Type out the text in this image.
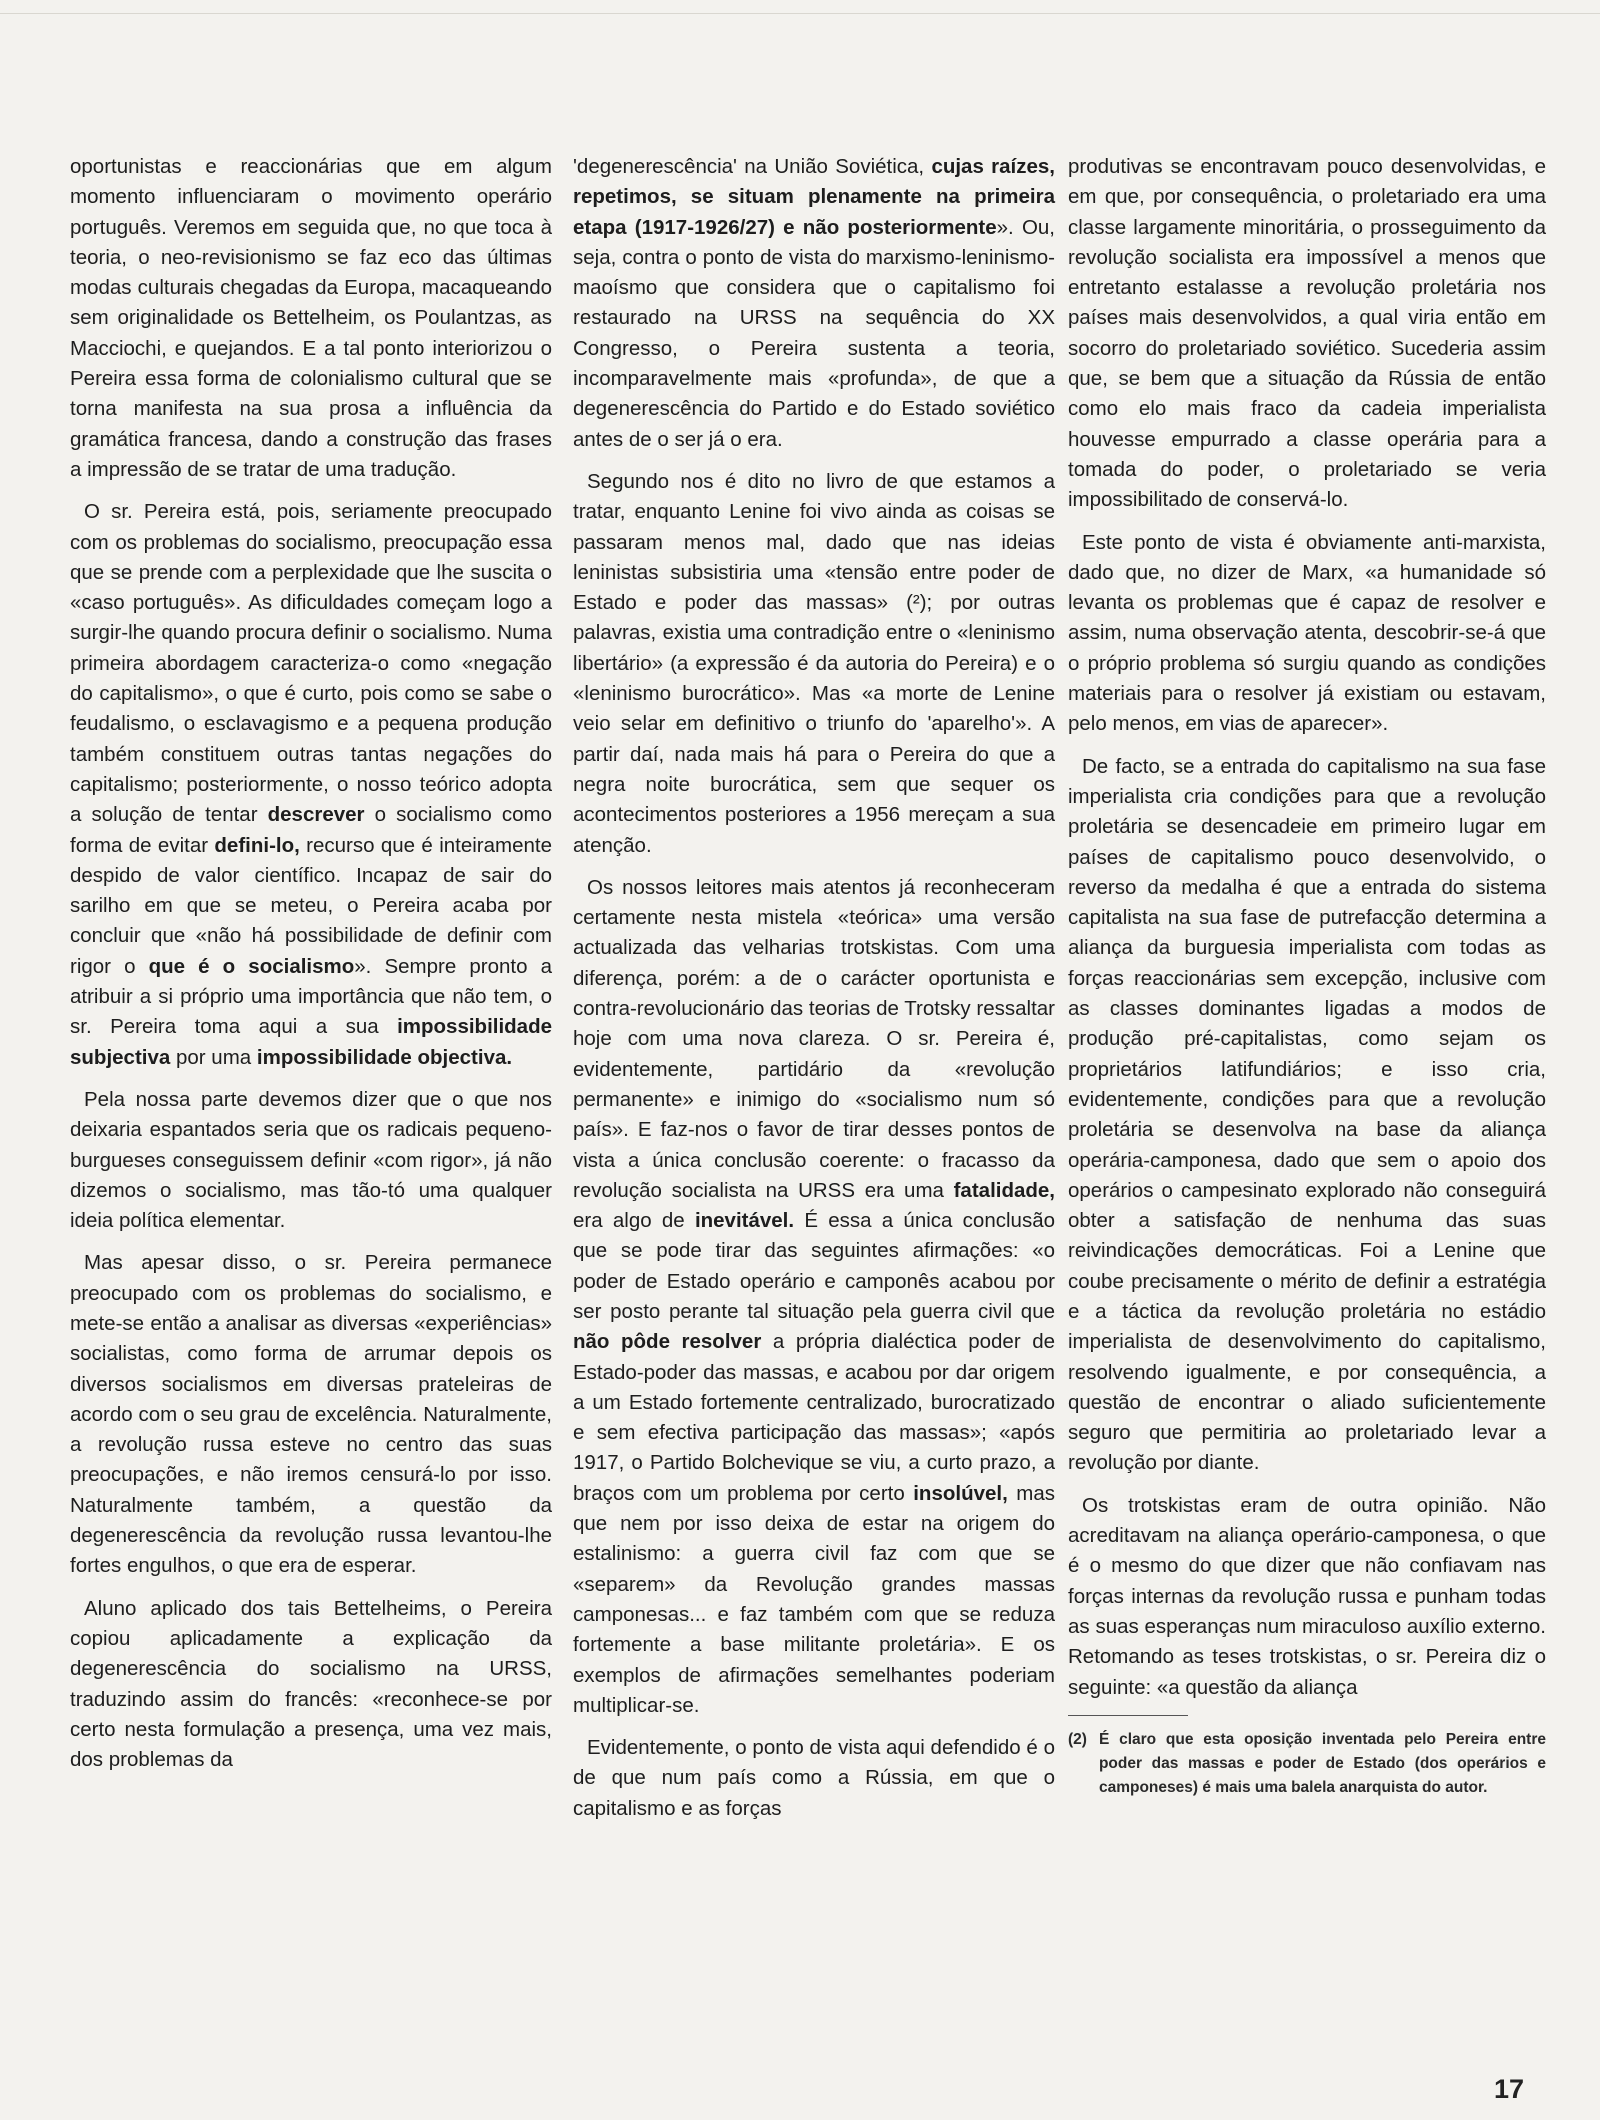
oportunistas e reaccionárias que em algum momento influenciaram o movimento operário português. Veremos em seguida que, no que toca à teoria, o neo-revisionismo se faz eco das últimas modas culturais chegadas da Europa, macaqueando sem originalidade os Bettelheim, os Poulantzas, as Macciochi, e quejandos. E a tal ponto interiorizou o Pereira essa forma de colonialismo cultural que se torna manifesta na sua prosa a influência da gramática francesa, dando a construção das frases a impressão de se tratar de uma tradução.

O sr. Pereira está, pois, seriamente preocupado com os problemas do socialismo, preocupação essa que se prende com a perplexidade que lhe suscita o «caso português». As dificuldades começam logo a surgir-lhe quando procura definir o socialismo. Numa primeira abordagem caracteriza-o como «negação do capitalismo», o que é curto, pois como se sabe o feudalismo, o esclavagismo e a pequena produção também constituem outras tantas negações do capitalismo; posteriormente, o nosso teórico adopta a solução de tentar descrever o socialismo como forma de evitar defini-lo, recurso que é inteiramente despido de valor científico. Incapaz de sair do sarilho em que se meteu, o Pereira acaba por concluir que «não há possibilidade de definir com rigor o que é o socialismo». Sempre pronto a atribuir a si próprio uma importância que não tem, o sr. Pereira toma aqui a sua impossibilidade subjectiva por uma impossibilidade objectiva.

Pela nossa parte devemos dizer que o que nos deixaria espantados seria que os radicais pequeno-burgueses conseguissem definir «com rigor», já não dizemos o socialismo, mas tão-tó uma qualquer ideia política elementar.

Mas apesar disso, o sr. Pereira permanece preocupado com os problemas do socialismo, e mete-se então a analisar as diversas «experiências» socialistas, como forma de arrumar depois os diversos socialismos em diversas prateleiras de acordo com o seu grau de excelência. Naturalmente, a revolução russa esteve no centro das suas preocupações, e não iremos censurá-lo por isso. Naturalmente também, a questão da degenerescência da revolução russa levantou-lhe fortes engulhos, o que era de esperar.

Aluno aplicado dos tais Bettelheims, o Pereira copiou aplicadamente a explicação da degenerescência do socialismo na URSS, traduzindo assim do francês: «reconhece-se por certo nesta formulação a presença, uma vez mais, dos problemas da

'degenerescência' na União Soviética, cujas raízes, repetimos, se situam plenamente na primeira etapa (1917-1926/27) e não posteriormente». Ou, seja, contra o ponto de vista do marxismo-leninismo-maoísmo que considera que o capitalismo foi restaurado na URSS na sequência do XX Congresso, o Pereira sustenta a teoria, incomparavelmente mais «profunda», de que a degenerescência do Partido e do Estado soviético antes de o ser já o era.

Segundo nos é dito no livro de que estamos a tratar, enquanto Lenine foi vivo ainda as coisas se passaram menos mal, dado que nas ideias leninistas subsistiria uma «tensão entre poder de Estado e poder das massas» (²); por outras palavras, existia uma contradição entre o «leninismo libertário» (a expressão é da autoria do Pereira) e o «leninismo burocrático». Mas «a morte de Lenine veio selar em definitivo o triunfo do 'aparelho'». A partir daí, nada mais há para o Pereira do que a negra noite burocrática, sem que sequer os acontecimentos posteriores a 1956 mereçam a sua atenção.

Os nossos leitores mais atentos já reconheceram certamente nesta mistela «teórica» uma versão actualizada das velharias trotskistas. Com uma diferença, porém: a de o carácter oportunista e contra-revolucionário das teorias de Trotsky ressaltar hoje com uma nova clareza. O sr. Pereira é, evidentemente, partidário da «revolução permanente» e inimigo do «socialismo num só país». E faz-nos o favor de tirar desses pontos de vista a única conclusão coerente: o fracasso da revolução socialista na URSS era uma fatalidade, era algo de inevitável. É essa a única conclusão que se pode tirar das seguintes afirmações: «o poder de Estado operário e camponês acabou por ser posto perante tal situação pela guerra civil que não pôde resolver a própria dialéctica poder de Estado-poder das massas, e acabou por dar origem a um Estado fortemente centralizado, burocratizado e sem efectiva participação das massas»; «após 1917, o Partido Bolchevique se viu, a curto prazo, a braços com um problema por certo insolúvel, mas que nem por isso deixa de estar na origem do estalinismo: a guerra civil faz com que se «separem» da Revolução grandes massas camponesas... e faz também com que se reduza fortemente a base militante proletária». E os exemplos de afirmações semelhantes poderiam multiplicar-se.

Evidentemente, o ponto de vista aqui defendido é o de que num país como a Rússia, em que o capitalismo e as forças

produtivas se encontravam pouco desenvolvidas, e em que, por consequência, o proletariado era uma classe largamente minoritária, o prosseguimento da revolução socialista era impossível a menos que entretanto estalasse a revolução proletária nos países mais desenvolvidos, a qual viria então em socorro do proletariado soviético. Sucederia assim que, se bem que a situação da Rússia de então como elo mais fraco da cadeia imperialista houvesse empurrado a classe operária para a tomada do poder, o proletariado se veria impossibilitado de conservá-lo.

Este ponto de vista é obviamente anti-marxista, dado que, no dizer de Marx, «a humanidade só levanta os problemas que é capaz de resolver e assim, numa observação atenta, descobrir-se-á que o próprio problema só surgiu quando as condições materiais para o resolver já existiam ou estavam, pelo menos, em vias de aparecer».

De facto, se a entrada do capitalismo na sua fase imperialista cria condições para que a revolução proletária se desencadeie em primeiro lugar em países de capitalismo pouco desenvolvido, o reverso da medalha é que a entrada do sistema capitalista na sua fase de putrefacção determina a aliança da burguesia imperialista com todas as forças reaccionárias sem excepção, inclusive com as classes dominantes ligadas a modos de produção pré-capitalistas, como sejam os proprietários latifundiários; e isso cria, evidentemente, condições para que a revolução proletária se desenvolva na base da aliança operária-camponesa, dado que sem o apoio dos operários o campesinato explorado não conseguirá obter a satisfação de nenhuma das suas reivindicações democráticas. Foi a Lenine que coube precisamente o mérito de definir a estratégia e a táctica da revolução proletária no estádio imperialista de desenvolvimento do capitalismo, resolvendo igualmente, e por consequência, a questão de encontrar o aliado suficientemente seguro que permitiria ao proletariado levar a revolução por diante.

Os trotskistas eram de outra opinião. Não acreditavam na aliança operário-camponesa, o que é o mesmo do que dizer que não confiavam nas forças internas da revolução russa e punham todas as suas esperanças num miraculoso auxílio externo. Retomando as teses trotskistas, o sr. Pereira diz o seguinte: «a questão da aliança

(2) É claro que esta oposição inventada pelo Pereira entre poder das massas e poder de Estado (dos operários e camponeses) é mais uma balela anarquista do autor.
17
